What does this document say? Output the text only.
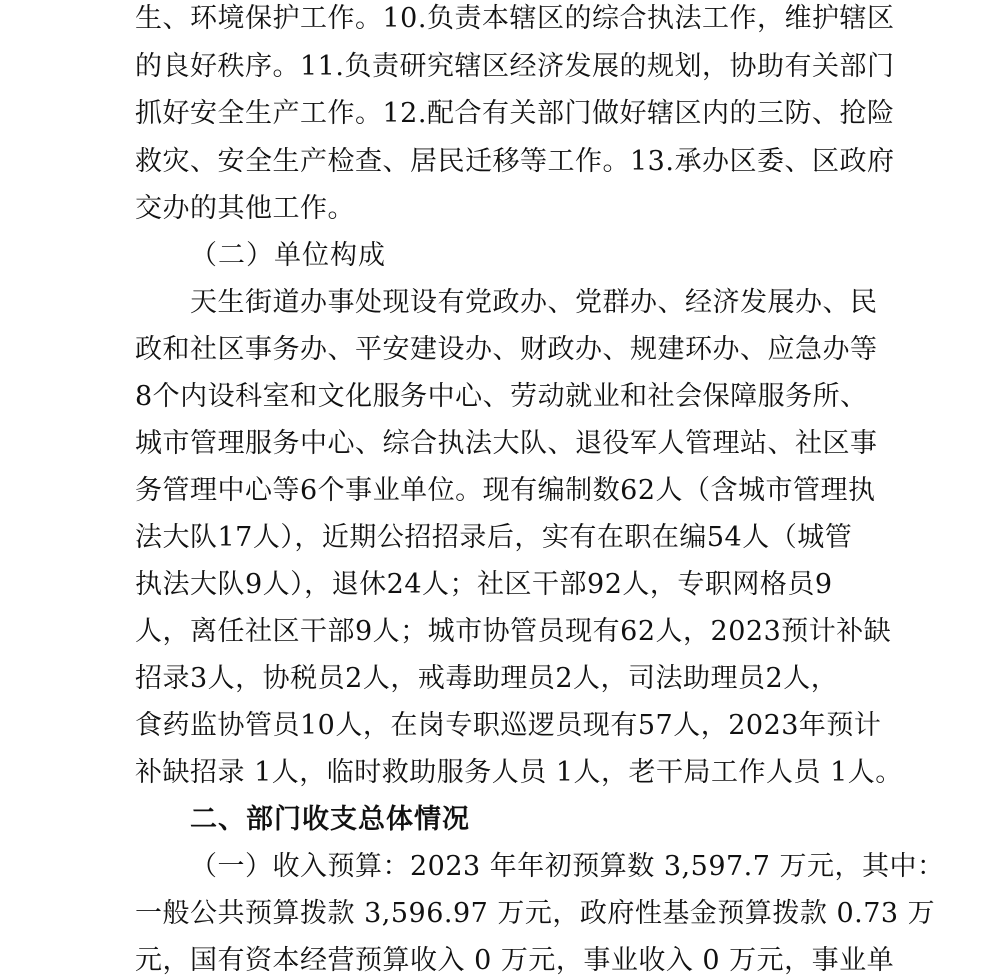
生、环境保护工作。10.负责本辖区的综合执法工作，维护辖区
的良好秩序。11.负责研究辖区经济发展的规划，协助有关部门
抓好安全生产工作。12.配合有关部门做好辖区内的三防、抢险
救灾、安全生产检查、居民迁移等工作。13.承办区委、区政府
交办的其他工作。
（二）单位构成
天生街道办事处现设有党政办、党群办、经济发展办、民
政和社区事务办、平安建设办、财政办、规建环办、应急办等
8个内设科室和文化服务中心、劳动就业和社会保障服务所、
城市管理服务中心、综合执法大队、退役军人管理站、社区事
务管理中心等6个事业单位。现有编制数62人（含城市管理执
法大队17人），近期公招招录后，实有在职在编54人（城管
执法大队9人），退休24人；社区干部92人，专职网格员9
人，离任社区干部9人；城市协管员现有62人，2023预计补缺
招录3人，协税员2人，戒毒助理员2人，司法助理员2人，
食药监协管员10人，在岗专职巡逻员现有57人，2023年预计
补缺招录 1人，临时救助服务人员 1人，老干局工作人员 1人。
二、部门收支总体情况
（一）收入预算：2023 年年初预算数 3,597.7 万元，其中：
一般公共预算拨款 3,596.97 万元，政府性基金预算拨款 0.73 万
元，国有资本经营预算收入 0 万元，事业收入 0 万元，事业单
